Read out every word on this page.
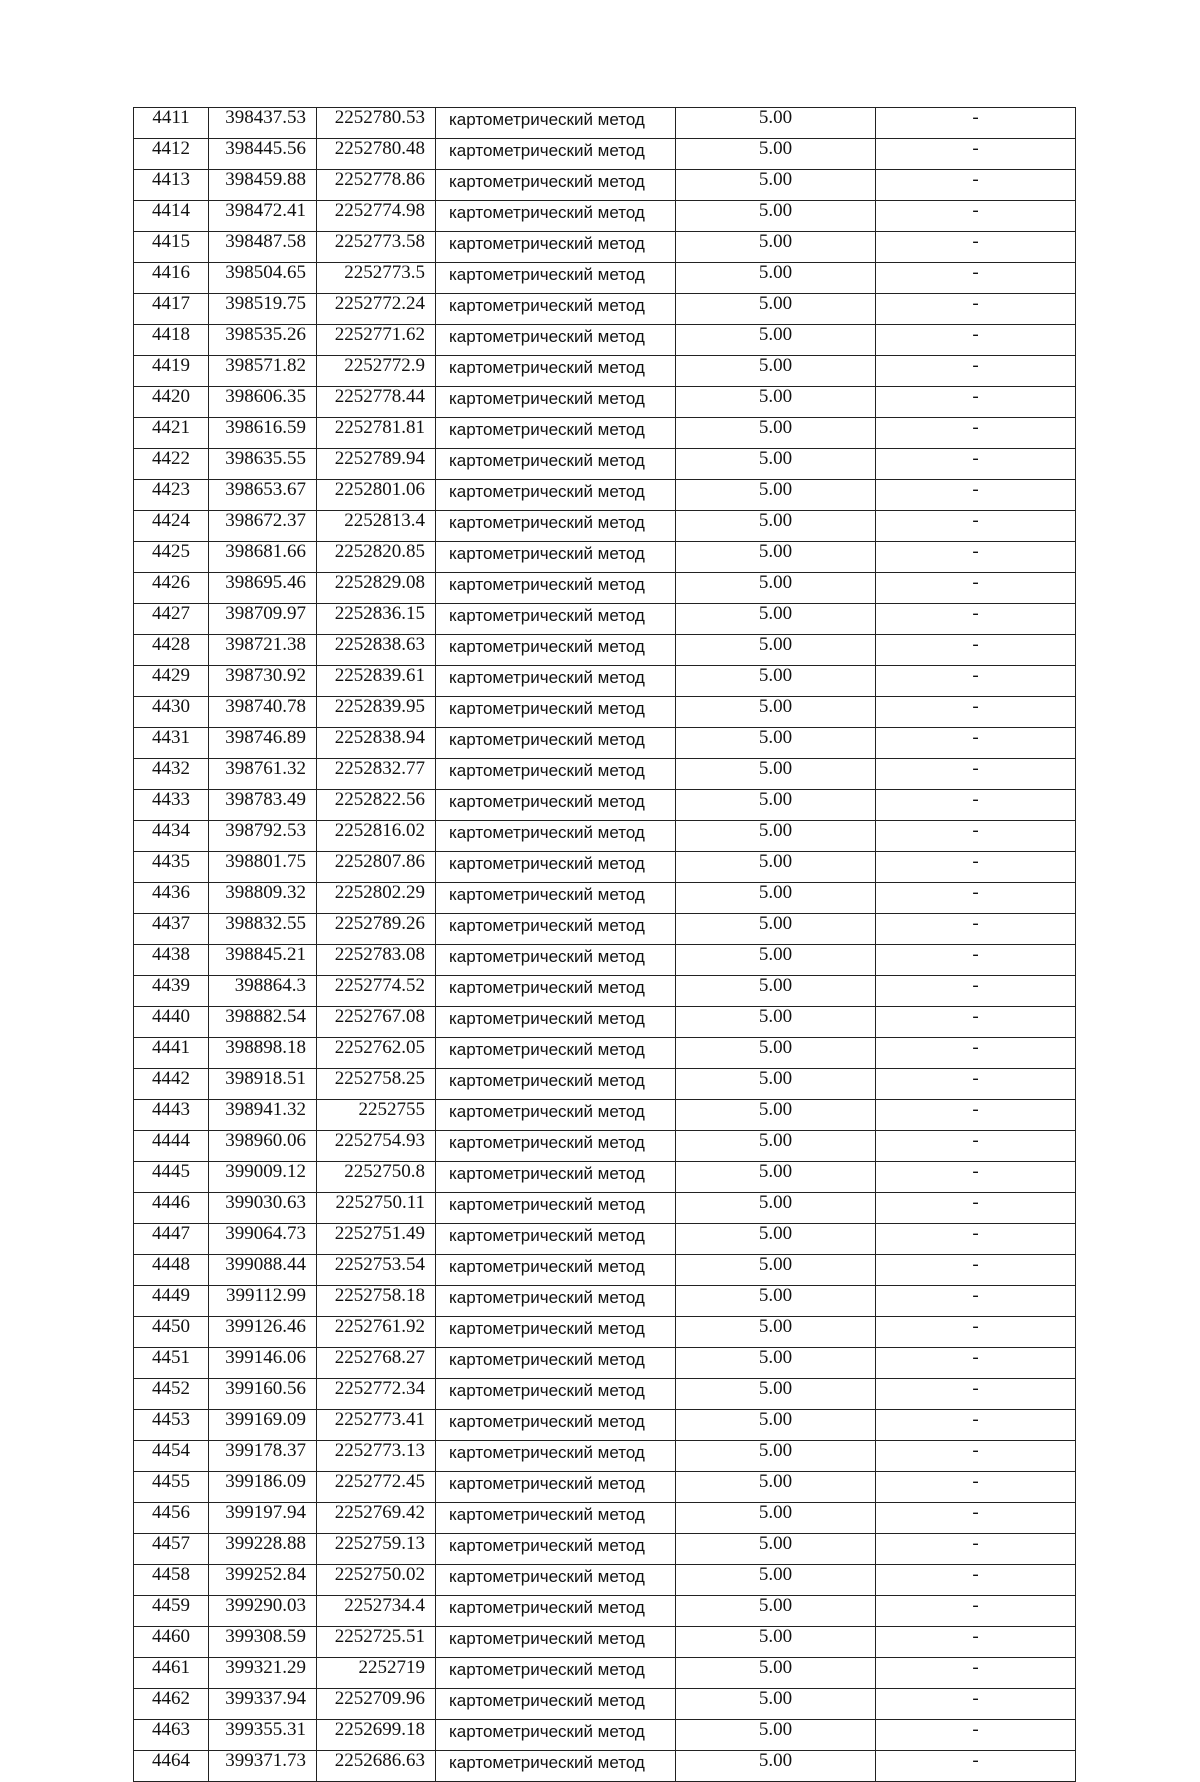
4411	398437.53	2252780.53	картометрический метод	5.00	-
4412	398445.56	2252780.48	картометрический метод	5.00	-
4413	398459.88	2252778.86	картометрический метод	5.00	-
4414	398472.41	2252774.98	картометрический метод	5.00	-
4415	398487.58	2252773.58	картометрический метод	5.00	-
4416	398504.65	2252773.5	картометрический метод	5.00	-
4417	398519.75	2252772.24	картометрический метод	5.00	-
4418	398535.26	2252771.62	картометрический метод	5.00	-
4419	398571.82	2252772.9	картометрический метод	5.00	-
4420	398606.35	2252778.44	картометрический метод	5.00	-
4421	398616.59	2252781.81	картометрический метод	5.00	-
4422	398635.55	2252789.94	картометрический метод	5.00	-
4423	398653.67	2252801.06	картометрический метод	5.00	-
4424	398672.37	2252813.4	картометрический метод	5.00	-
4425	398681.66	2252820.85	картометрический метод	5.00	-
4426	398695.46	2252829.08	картометрический метод	5.00	-
4427	398709.97	2252836.15	картометрический метод	5.00	-
4428	398721.38	2252838.63	картометрический метод	5.00	-
4429	398730.92	2252839.61	картометрический метод	5.00	-
4430	398740.78	2252839.95	картометрический метод	5.00	-
4431	398746.89	2252838.94	картометрический метод	5.00	-
4432	398761.32	2252832.77	картометрический метод	5.00	-
4433	398783.49	2252822.56	картометрический метод	5.00	-
4434	398792.53	2252816.02	картометрический метод	5.00	-
4435	398801.75	2252807.86	картометрический метод	5.00	-
4436	398809.32	2252802.29	картометрический метод	5.00	-
4437	398832.55	2252789.26	картометрический метод	5.00	-
4438	398845.21	2252783.08	картометрический метод	5.00	-
4439	398864.3	2252774.52	картометрический метод	5.00	-
4440	398882.54	2252767.08	картометрический метод	5.00	-
4441	398898.18	2252762.05	картометрический метод	5.00	-
4442	398918.51	2252758.25	картометрический метод	5.00	-
4443	398941.32	2252755	картометрический метод	5.00	-
4444	398960.06	2252754.93	картометрический метод	5.00	-
4445	399009.12	2252750.8	картометрический метод	5.00	-
4446	399030.63	2252750.11	картометрический метод	5.00	-
4447	399064.73	2252751.49	картометрический метод	5.00	-
4448	399088.44	2252753.54	картометрический метод	5.00	-
4449	399112.99	2252758.18	картометрический метод	5.00	-
4450	399126.46	2252761.92	картометрический метод	5.00	-
4451	399146.06	2252768.27	картометрический метод	5.00	-
4452	399160.56	2252772.34	картометрический метод	5.00	-
4453	399169.09	2252773.41	картометрический метод	5.00	-
4454	399178.37	2252773.13	картометрический метод	5.00	-
4455	399186.09	2252772.45	картометрический метод	5.00	-
4456	399197.94	2252769.42	картометрический метод	5.00	-
4457	399228.88	2252759.13	картометрический метод	5.00	-
4458	399252.84	2252750.02	картометрический метод	5.00	-
4459	399290.03	2252734.4	картометрический метод	5.00	-
4460	399308.59	2252725.51	картометрический метод	5.00	-
4461	399321.29	2252719	картометрический метод	5.00	-
4462	399337.94	2252709.96	картометрический метод	5.00	-
4463	399355.31	2252699.18	картометрический метод	5.00	-
4464	399371.73	2252686.63	картометрический метод	5.00	-
